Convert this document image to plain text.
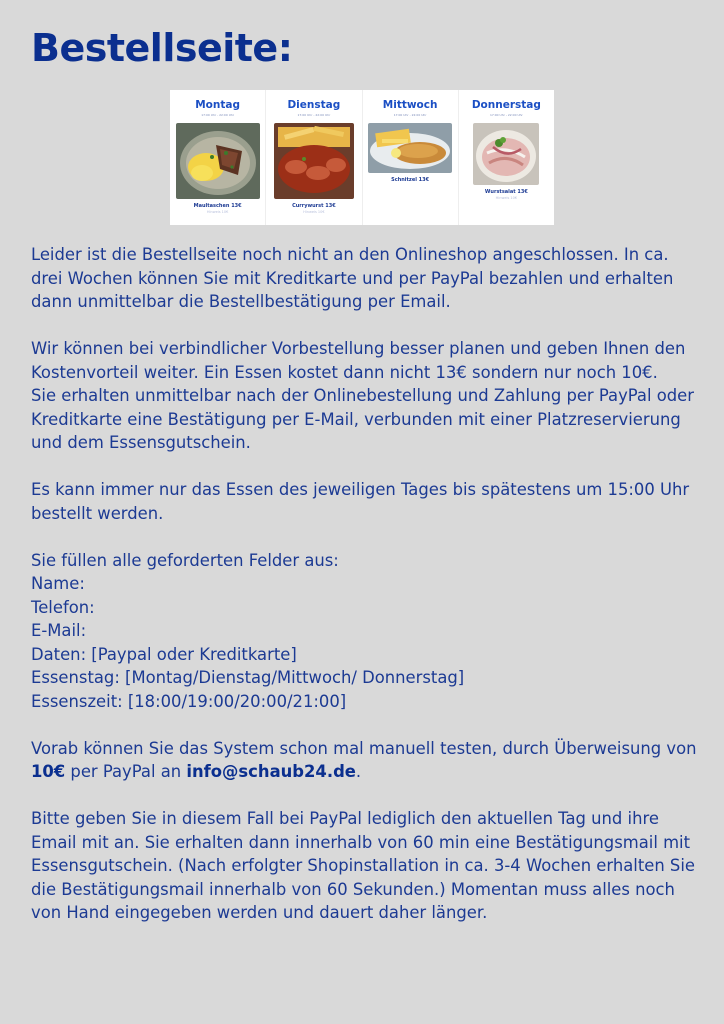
Bestellseite:
Montag
17:00 Uhr - 22:00 Uhr
Maultaschen 13€
Hinweis 10€
Dienstag
17:00 Uhr - 22:00 Uhr
Currywurst 13€
Hinweis 10€
Mittwoch
17:00 Uhr - 22:00 Uhr
Schnitzel 13€
Donnerstag
17:00 Uhr - 22:00 Uhr
Wurstsalat 13€
Hinweis 10€

Leider ist die Bestellseite noch nicht an den Onlineshop angeschlossen. In ca.
drei Wochen können Sie mit Kreditkarte und per PayPal bezahlen und erhalten
dann unmittelbar die Bestellbestätigung per Email.

Wir können bei verbindlicher Vorbestellung besser planen und geben Ihnen den
Kostenvorteil weiter. Ein Essen kostet dann nicht 13€ sondern nur noch 10€.
Sie erhalten unmittelbar nach der Onlinebestellung und Zahlung per PayPal oder
Kreditkarte eine Bestätigung per E-Mail, verbunden mit einer Platzreservierung
und dem Essensgutschein.

Es kann immer nur das Essen des jeweiligen Tages bis spätestens um 15:00 Uhr
bestellt werden.

Sie füllen alle geforderten Felder aus:
Name:
Telefon:
E-Mail:
Daten: [Paypal oder Kreditkarte]
Essenstag: [Montag/Dienstag/Mittwoch/ Donnerstag]
Essenszeit: [18:00/19:00/20:00/21:00]

Vorab können Sie das System schon mal manuell testen, durch Überweisung von
10€ per PayPal an info@schaub24.de.

Bitte geben Sie in diesem Fall bei PayPal lediglich den aktuellen Tag und ihre
Email mit an. Sie erhalten dann innerhalb von 60 min eine Bestätigungsmail mit
Essensgutschein. (Nach erfolgter Shopinstallation in ca. 3-4 Wochen erhalten Sie
die Bestätigungsmail innerhalb von 60 Sekunden.) Momentan muss alles noch
von Hand eingegeben werden und dauert daher länger.
